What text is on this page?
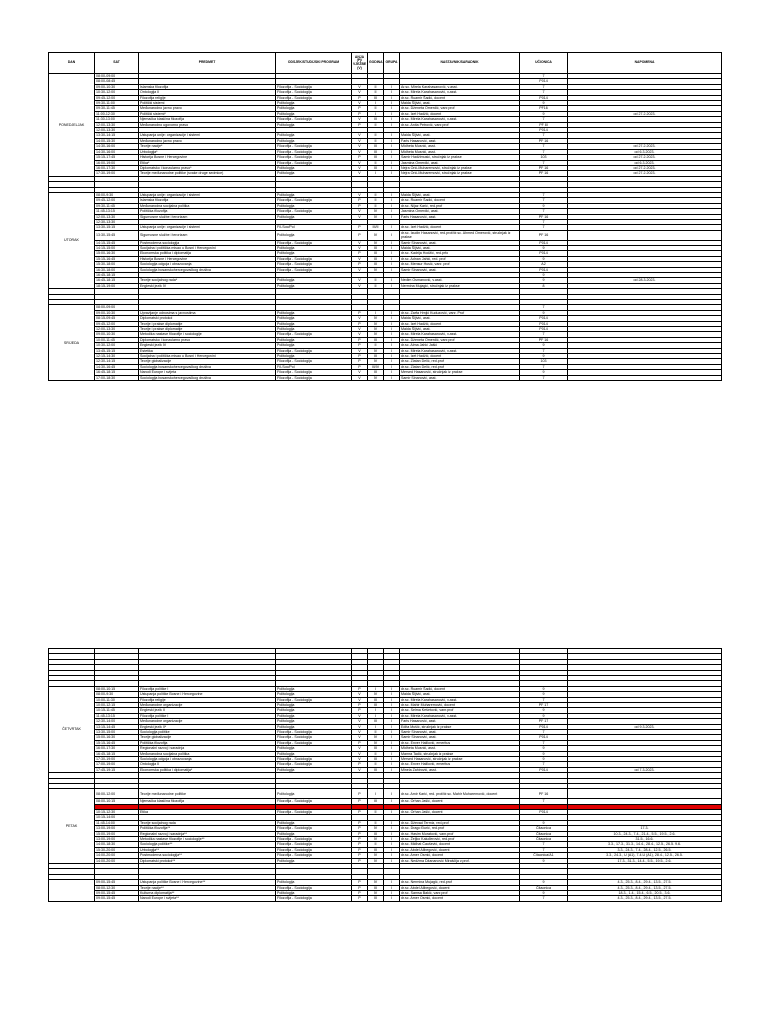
DAN	SAT	PREDMET	ODSJEK/STUDIJSKI PROGRAM	ANJA (P)/ VJEŽBE (V)	GODINA	GRUPA	NASTAVNIK/SARADNIK	UČIONICA	NAPOMENA
PONEDJELJAK	08:00-09:00							7	
	08:00-08:45							P014	
	09:00-10:30	Islamska filozofija	Filozofija - Sociologija	V	II	I	Ar.sc. Mirela Karahasanović, v.asst.	7	
	10:30-12:00	Ontologija II	Filozofija - Sociologija	V	II	I	dr.sc. Mirela Karahasanović, v.asst.	7	
	09:45-12:00	Filozofija religije	Filozofija - Sociologija	P	III	I	dr.sc. Ruamir Šadić, docent	P014	
	09:30-11:00	Politički sistemi	Politologija	V	I	I	Maida Šljivić, asst.	9	
	09:30-11:45	Međunarodno javno pravo	Politologija	P	II	I	dr.sc. Dženeta Omerdić, vanr.prof	PF16	
	11:00-12:30	Politički sistemi*	Politologija	P	I	I	dr.sc. Izet Hadžić, docent	9	od 27.2.2023.
	11:30-13:00	Njemačka klasična filozofija	Filozofija - Sociologija	V	III	I	dr.sc. Mirela Karahasanović, v.asst.	7	
	12:00-13:30	Međunarodno ugovorno pravo	Politologija	P	II	I	dr.sc. Anita Petrović, vanr.prof	PF 8I	
	12:00-13:30							P014	
	13:30-14:15	Ustupanja unije: organizacije i sistemi	Politologija	V	II	I	Maida Šljivić, asst.	7	
	14:00-15:30	Međunarodno javno pravo	Politologija	V	II	I	Faris Hasanović, asst.	PF 16	
	14:30-16:00	Teorije nacije*	Filozofija - Sociologija	V	III	I	Midheta Musnić, asst.	7	od 27.2.2023.
	14:30-16:00	Urbologija*	Filozofija - Sociologija	V	III	I	Midheta Musnić, asst.	7	od 6.3.2023.
	15:15-17:45	Historija Bosne i Hercegovine	Filozofija - Sociologija	P	III	I	Samir Hadžimusić, stručnjak iz prakse	103	od 27.2.2023.
	16:00-19:00	Etika*	Filozofija - Sociologija	V	II	I	Jasmina Omerdić, asst.	7	od 6.3.2023.
	16:00-17:30	Diplomatsko i konzularno pravo*	Politologija	V	III	I	Nejra Orić-Muharemović, stručnjak iz prakse	PF 16	od 27.2.2023.
	17:30-19:00	Teorije međunarodne politike (svake druge sedmice)	Politologija	V	I	I	Nejra Orić-Muharemović, stručnjak iz prakse	PF 16	od 27.2.2023.

UTORAK	08:00-9:30	Ustupanja unije: organizacije i sistemi	Politologija	V	II	I	Maida Šljivić, asst.	7	
	09:45-12:00	Islamska filozofija	Filozofija - Sociologija	P	II	I	dr.sc. Ruamir Šadić, docent	7	
	09:30-11:45	Međunarodna socijalna politika	Politologija	P	II	I	dr.sc. Nijaz Karić, red.prof	9	
	11:45-13:15	Politička filozofija	Filozofija - Sociologija	V	IV	I	Jasmina Omerdić, asst.	7	
	12:00-13:30	Sigurnosne službe i terorizam	Politologija	V	IV	I	Faris Hasanović, asst.	PF 16	
	12:30-13:30							7	
	13:30-15:15	Ustupanja unije: organizacije i sistemi	FiI-Soc/Pol	P	III/II	I	dr.sc. Izet Hadžić, docent	7	
	13:30-15:45	Sigurnosne službe i terorizam	Politologija	P	IV	I	dr.sc. Izudin Hasanović, red.prof/dr.sc. Ahmed Omerović, stručnjak iz prakse	PF 16	
	14:15-15:45	Postmoderna sociologija	Filozofija - Sociologija	V	IV	I	Samir Sinanović, asst.	P014	
	14:15-15:00	Socijalna i politička misao u Bosni i Hercegovini	Politologija	V	III	I	Maida Šljivić, asst.	9	
	15:00-16:30	Ekonomska politika i diplomatija	Politologija	P	III	I	dr.sc. Kadrija Hodžić, red.prfo	P014	
	15:15-16:45	Historija Bosne i Hercegovine	Filozofija - Sociologija	V	III	I	dr.sc. Adnan Jahić, red. prof	9	
	15:30-18:00	Sociologija odgoja i obrazovanja	Filozofija - Sociologija	P	III	I	dr.sc. Mensur Husić, vanr. prof	A2	
	16:30-18:00	Sociologija bosanskohercegovačkog društva	Filozofija - Sociologija	V	IV	I	Samir Sinanović, asst.	P014	
	16:45-18:15							9	
	16:45-18:15	Teorije socijalnog rada*	Politologija	V	II	I	Nedim Osmanović, v.asst.	9	od 28.3.2023.
	18:15-19:00	Engleski jezik IV	Politologija	V	II	I	Nermina Mujagić, stručnjak iz prakse	8	

SRIJEDA	08:00-09:00							7	
	09:00-10:30	Upravljanje odnosima s javnostima	Politologija	P	I	I	dr.sc. Zarfa Hrnjić Kuduzović, vanr. Prof	9	
	08:15-09:45	Diplomatski protokol	Politologija	V	IV	I	Maida Šljivić, asst.	P014	
	09:45-12:00	Teorije i prakse diplomatije	Politologija	P	IV	I	dr.sc. Izet Hadžić, docent	P014	
	12:00-13:30	Teorije i prakse diplomatije	Politologija	V	IV	I	Maida Šljivić, asst.	P014	
	09:00-10:30	Metodika nastave filozofije i sociologije	Filozofija - Sociologija	V	IV	I	dr.sc. Mirela Karahasanović, v.asst.	7	
	10:00-11:45	Diplomatsko i konzularno pravo	Politologija	P	III	I	dr.sc. Dženeta Omerdić, vanr.prof	PF 16	
	10:30-12:00	Engleski jezik IV	Politologija	P	II	I	dr.sc. Alma Jahić Jašić	9	
	13:45-15:15	Estetika	Filozofija - Sociologija	V	IV	I	dr.sc. Mirela Karahasanović, v.asst.	7	
	12:15-14:30	Socijalna i politička misao u Bosni i Hercegovini	Politologija	P	III	I	dr.sc. Izet Hadžić, docent	9	
	12:30-14:15	Teorije globalizacije	Filozofija - Sociologija	P	IV	I	dr.sc. Zlatan Delić, red.prof	103	
	14:30-16:45	Sociologija bosanskohercegovačkog društva	FiI-Soc/Pol	P	III/IV	I	dr.sc. Zlatan Delić, red.prof	7	
	16:45-18:15	Narodi Europe i svijeta	Filozofija - Sociologija	V	III	I	Mersed Hasanović, stručnjak iz prakse	9	
	17:00-18:30	Sociologija bosanskohercegovačkog društva	Filozofija - Sociologija	V	IV	I	Samir Sinanović, asst.	7	

ČETVRTAK	08:00-10:15	Filozofija politike I	Politologija	P	I	I	dr.sc. Ruamir Šadić, docent	9	
	08:00-9:30	Ustupanja politike Bosne i Hercegovine	Politologija	V	IV	I	Maida Šljivić, asst.	9	
	10:00-11:30	Filozofija religije	Filozofija - Sociologija	V	III	I	dr.sc. Mirela Karahasanović, v.asst.	7	
	10:00-12:15	Međunarodne organizacije	Politologija	P	III	I	dr.sc. Mahir Muharemović, docent	PF 17	
	10:15-11:45	Engleski jezik II	Politologija	P	I	I	dr.sc. Selma Kešetović, vanr.prof	9	
	11:45-13:15	Filozofija politike I	Politologija	V	I	I	dr.sc. Mirela Karahasanović, v.asst.	9	
	12:30-14:00	Međunarodne organizacije	Politologija	V	III	I	Faris Hasanović, asst.	PF 17	
	13:15-14:45	Engleski jezik II*	Politologija	V	I	I	Edita Mušić, stručnjak iz prakse	P014	od 9.3.2023.
	13:30-15:00	Sociologija politike	Filozofija - Sociologija	V	II	I	Samir Sinanović, asst.	7	
	15:00-16:30	Teorije globalizacije	Filozofija - Sociologija	V	IV	I	Samir Sinanović, asst.	P014	
	15:15-16:45	Politička filozofija	Filozofija - Sociologija	P	IV	I	dr.sc. Enver Halilović, emeritus	7	
	16:00-17:30	Regionalni razvoj i saradnja	Politologija	V	III	I	Midheta Musnić, asst.	9	
	16:45-18:15	Međunarodna socijalna politika	Politologija	V	II	I	Mamra Tadić, stručnjak iz prakse	9	
	17:30-19:00	Sociologija odgoja i obrazovanja	Filozofija - Sociologija	V	III	I	Mersed Hasanović, stručnjak iz prakse	9	
	17:00-19:00	Ontologija II	Filozofija - Sociologija	P	II	I	dr.sc. Enver Halilović, emeritus	7	
	17:45-19:15	Ekonomska politika i diplomatija*	Politologija	V	III	I	Minela Zahirović, asst.	P014	od 7.3.2023.

PETAK	08:00-12:00	Teorije međunarodne politike	Politologija	P	I	I	dr.sc. Amir Karić, red. prof/dr.sc. Mahir Muharemović, docent	PF 16	
	08:00-10:15	Njemačka klasična filozofija	Filozofija - Sociologija	P	III	I	dr.sc. Orhan Jašić, docent	7	
	10:15-11:45							7	
	10:15-12:30	Etika	Filozofija - Sociologija	P	II	I	dr.sc. Orhan Jašić, docent	P014	
	10:15-14:00								
	11:45-14:00	Teorije socijalnog rada	Politologija	P	II	I	dr.sc. Dževad Termiz, red.prof	9	
	13:00-19:00	Politička filozofija**	Filozofija - Sociologija	P	IV	I	dr.sc. Drago Đurić, red.prof	Čitaonica	17.3.
	15:00-19:00	Regionalni razvoj i saradnja**	Politologija	P	III	I	dr.sc. Hasim Muratović, vanr.prof	Čitaonica	10.3., 24.3., 7.4., 21.4., 5.5., 19.5., 2.6.
	13:00-19:00	Metodika nastave filozofije i sociologije**	Filozofija - Sociologija	P	IV	I	dr.sc. Željko Kaluđerović, red.prof	Čitaonica	31.5., 16.6.
	14:00-18:30	Sociologija politike**	Filozofija - Sociologija	P	II	I	dr.sc. Midhat Čaušević, docent	7	3.3., 17.3., 31.3., 14.4., 28.4., 12.5., 26.5. 9.6.
	15:30-20:00	Urbologija**	Filozofija - Sociologija	P	III	I	dr.sc. Abdel Alibegović, docent	7	3.3., 24.3., 7.4., 28.4., 12.5., 26.5.
	14:00-20:00	Postmoderna sociologija**	Filozofija - Sociologija	P	IV	I	dr.sc. Amer Osmić, docent	Čitaonica/A1	3.3., 24.3., U (A1), 7.4.U (A1), 28.4., 12.5., 26.5.
	14:00-20:00	Diplomatski protokol**	Politologija	P	IV	I	dr.sc. Nedžma Džananović Miraščija v.prof.	9	17.3., 31.3., 14.4., 5.5., 19.5., 2.6.

	09:00-15:45	Ustupanja politike Bosne i Hercegovine**	Politologija	P	IV	I	dr.sc. Nermina Mujagić, red.prof	9	4.3., 25.3., 8.4., 29.4., 13.5., 27.5.
	08:00-12:30	Teorije nacije**	Filozofija - Sociologija	P	III	I	dr.sc. Abdel Alibegović, docent	Čitaonica	4.3., 25.3., 8.4., 29.4., 13.5., 27.5.
	09:00-15:45	Kulturna diplomatija**	Politologija	P	IV	I	dr.sc. Samsa Bakić, vanr.prof	9	18.3., 1.4., 15.4., 6.5., 20.5., 3.6.
	09:00-15:45	Narodi Europe i svijeta**	Filozofija - Sociologija	P	III	I	dr.sc. Amer Osmić, docent	7	4.3., 25.3., 8.4., 29.4., 13.5., 27.5.
